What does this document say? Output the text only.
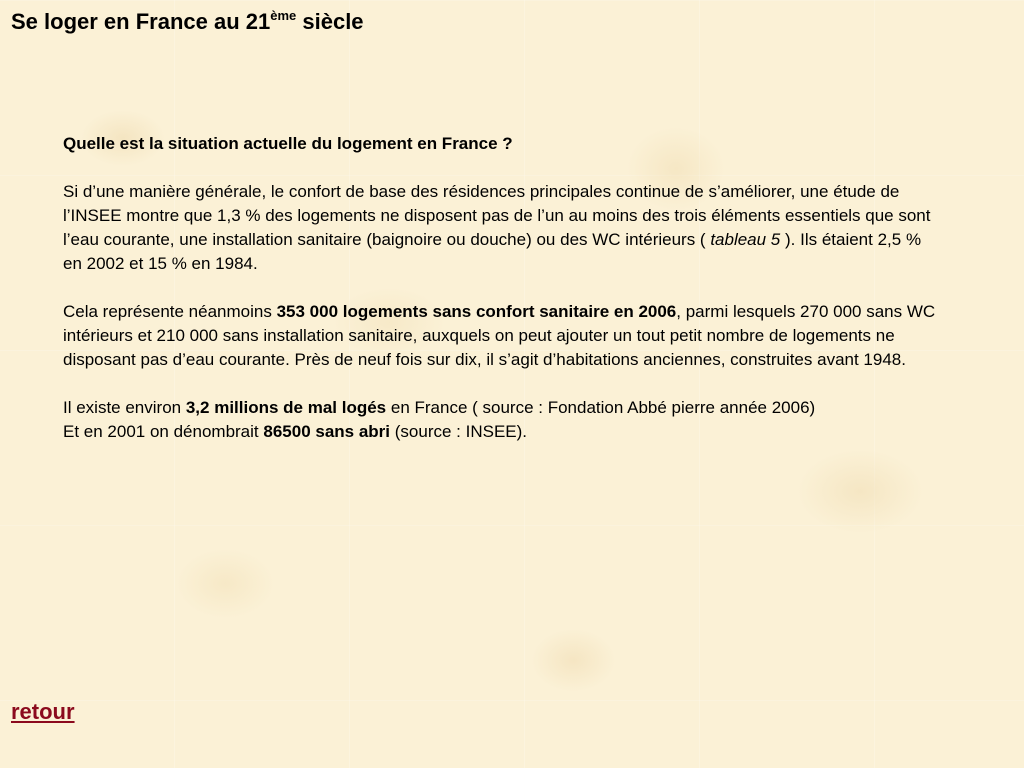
Se loger en France au 21ème siècle

Quelle est la situation actuelle du logement en France ?

Si d’une manière générale, le confort de base des résidences principales continue de s’améliorer, une étude de l’INSEE montre que 1,3 % des logements ne disposent pas de l’un au moins des trois éléments essentiels que sont l’eau courante, une installation sanitaire (baignoire ou douche) ou des WC intérieurs ( tableau 5 ). Ils étaient 2,5 % en 2002 et 15 % en 1984.

Cela représente néanmoins 353 000 logements sans confort sanitaire en 2006, parmi lesquels 270 000 sans WC intérieurs et 210 000 sans installation sanitaire, auxquels on peut ajouter un tout petit nombre de logements ne disposant pas d’eau courante. Près de neuf fois sur dix, il s’agit d’habitations anciennes, construites avant 1948.

Il existe environ 3,2 millions de mal logés en France ( source : Fondation Abbé pierre année 2006)

Et en 2001 on dénombrait 86500 sans abri (source : INSEE).

retour
